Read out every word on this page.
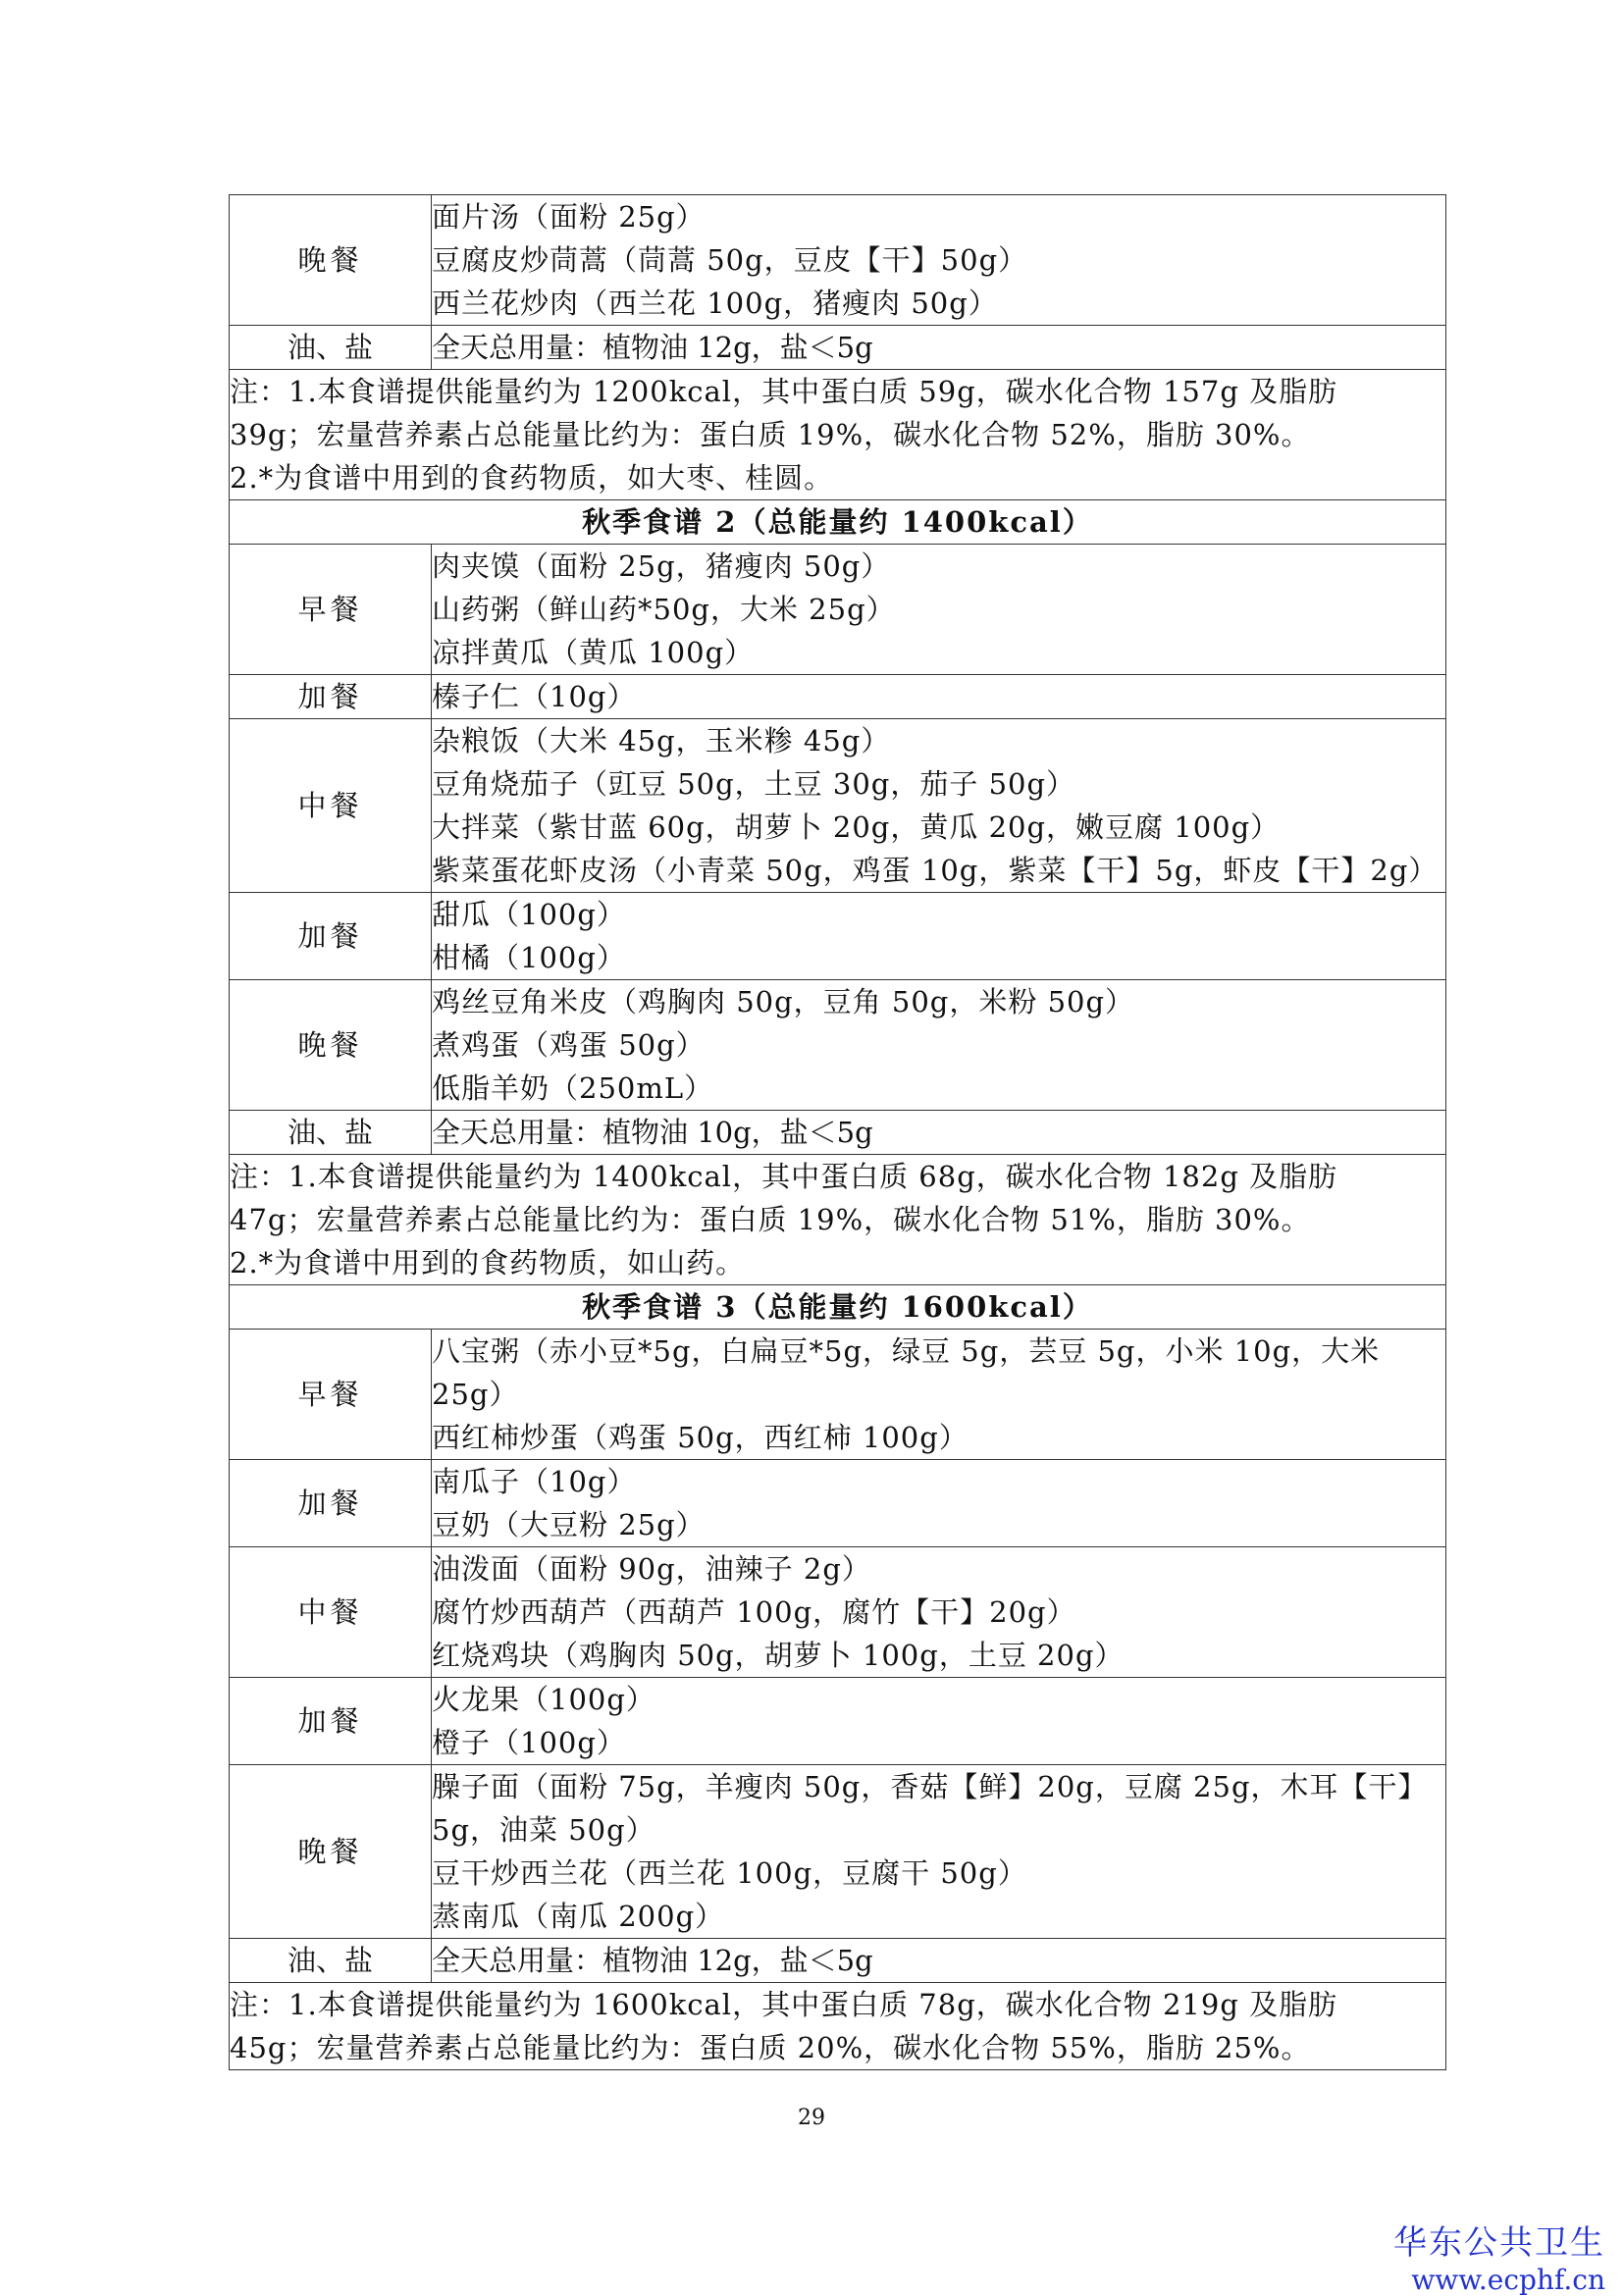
晚餐	面片汤（面粉 25g）
豆腐皮炒茼蒿（茼蒿 50g，豆皮【干】50g）
西兰花炒肉（西兰花 100g，猪瘦肉 50g）

油、盐	全天总用量：植物油 12g，盐＜5g

注：1.本食谱提供能量约为 1200kcal，其中蛋白质 59g，碳水化合物 157g 及脂肪
39g；宏量营养素占总能量比约为：蛋白质 19%，碳水化合物 52%，脂肪 30%。
2.*为食谱中用到的食药物质，如大枣、桂圆。	

秋季食谱 2（总能量约 1400kcal）	
早餐	肉夹馍（面粉 25g，猪瘦肉 50g）
山药粥（鲜山药*50g，大米 25g）
凉拌黄瓜（黄瓜 100g）

加餐	榛子仁（10g）

中餐	杂粮饭（大米 45g，玉米糁 45g）
豆角烧茄子（豇豆 50g，土豆 30g，茄子 50g）
大拌菜（紫甘蓝 60g，胡萝卜 20g，黄瓜 20g，嫩豆腐 100g）
紫菜蛋花虾皮汤（小青菜 50g，鸡蛋 10g，紫菜【干】5g，虾皮【干】2g）

加餐	甜瓜（100g）
柑橘（100g）

晚餐	鸡丝豆角米皮（鸡胸肉 50g，豆角 50g，米粉 50g）
煮鸡蛋（鸡蛋 50g）
低脂羊奶（250mL）

油、盐	全天总用量：植物油 10g，盐＜5g

注：1.本食谱提供能量约为 1400kcal，其中蛋白质 68g，碳水化合物 182g 及脂肪
47g；宏量营养素占总能量比约为：蛋白质 19%，碳水化合物 51%，脂肪 30%。
2.*为食谱中用到的食药物质，如山药。	

秋季食谱 3（总能量约 1600kcal）	
早餐	八宝粥（赤小豆*5g，白扁豆*5g，绿豆 5g，芸豆 5g，小米 10g，大米 25g）
西红柿炒蛋（鸡蛋 50g，西红柿 100g）

加餐	南瓜子（10g）
豆奶（大豆粉 25g）

中餐	油泼面（面粉 90g，油辣子 2g）
腐竹炒西葫芦（西葫芦 100g，腐竹【干】20g）
红烧鸡块（鸡胸肉 50g，胡萝卜 100g，土豆 20g）

加餐	火龙果（100g）
橙子（100g）

晚餐	臊子面（面粉 75g，羊瘦肉 50g，香菇【鲜】20g，豆腐 25g，木耳【干】5g，油菜 50g）
豆干炒西兰花（西兰花 100g，豆腐干 50g）
蒸南瓜（南瓜 200g）

油、盐	全天总用量：植物油 12g，盐＜5g

注：1.本食谱提供能量约为 1600kcal，其中蛋白质 78g，碳水化合物 219g 及脂肪
45g；宏量营养素占总能量比约为：蛋白质 20%，碳水化合物 55%，脂肪 25%。	
29
华东公共卫生
www.ecphf.cn
